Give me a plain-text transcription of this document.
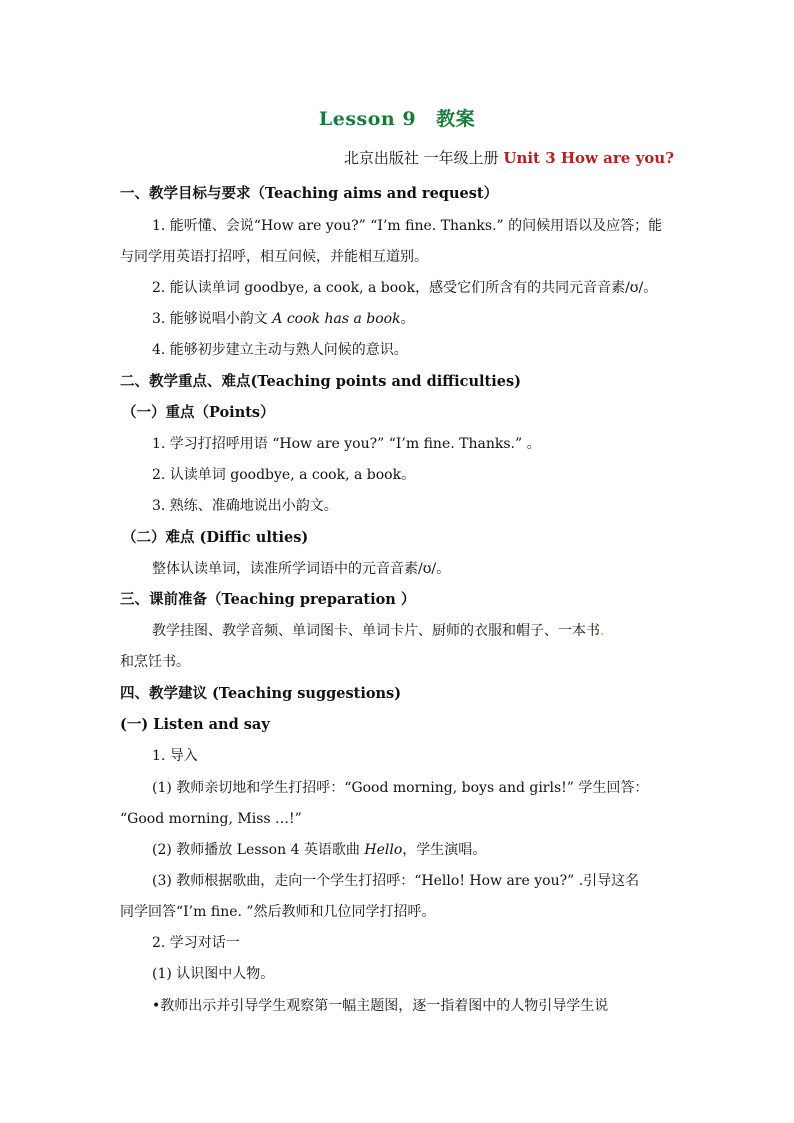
Lesson 9 教案
北京出版社 一年级上册 Unit 3 How are you?
一、教学目标与要求（Teaching aims and request）
1. 能听懂、会说“How are you?” “I’m fine. Thanks.” 的问候用语以及应答；能
与同学用英语打招呼，相互问候，并能相互道别。
2. 能认读单词 goodbye, a cook, a book，感受它们所含有的共同元音音素/ʊ/。
3. 能够说唱小韵文 A cook has a book。
4. 能够初步建立主动与熟人问候的意识。
二、教学重点、难点(Teaching points and difficulties)
（一）重点（Points）
1. 学习打招呼用语 “How are you?” “I’m fine. Thanks.” 。
2. 认读单词 goodbye, a cook, a book。
3. 熟练、准确地说出小韵文。
（二）难点 (Diffic ulties)
整体认读单词，读准所学词语中的元音音素/ʊ/。
三、课前准备（Teaching preparation ）
教学挂图、教学音频、单词图卡、单词卡片、厨师的衣服和帽子、一本书.
和烹饪书。
四、教学建议 (Teaching suggestions)
(一) Listen and say
1. 导入
(1) 教师亲切地和学生打招呼：“Good morning, boys and girls!” 学生回答：
“Good morning, Miss …!”
(2) 教师播放 Lesson 4 英语歌曲 Hello，学生演唱。
(3) 教师根据歌曲，走向一个学生打招呼：“Hello! How are you?” .引导这名
同学回答“I’m fine. ”然后教师和几位同学打招呼。
2. 学习对话一
(1) 认识图中人物。
•教师出示并引导学生观察第一幅主题图，逐一指着图中的人物引导学生说
